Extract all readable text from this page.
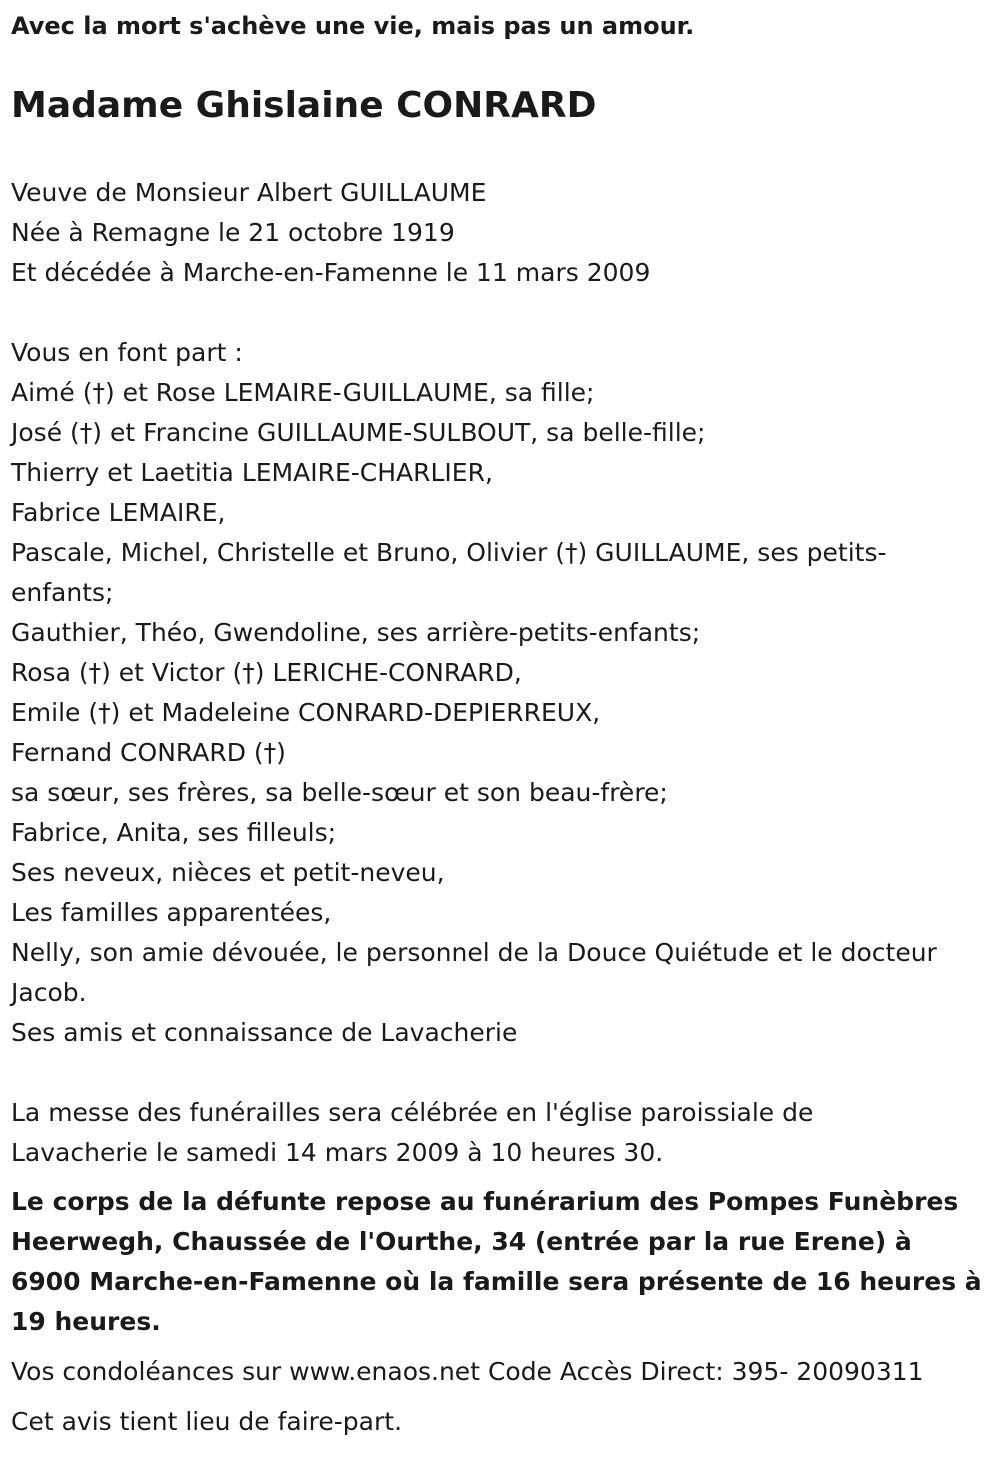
Avec la mort s'achève une vie, mais pas un amour.
Madame Ghislaine CONRARD
Veuve de Monsieur Albert GUILLAUME
Née à Remagne le 21 octobre 1919
Et décédée à Marche-en-Famenne le 11 mars 2009
Vous en font part :
Aimé (†) et Rose LEMAIRE-GUILLAUME, sa fille;
José (†) et Francine GUILLAUME-SULBOUT, sa belle-fille;
Thierry et Laetitia LEMAIRE-CHARLIER,
Fabrice LEMAIRE,
Pascale, Michel, Christelle et Bruno, Olivier (†) GUILLAUME, ses petits-enfants;
Gauthier, Théo, Gwendoline, ses arrière-petits-enfants;
Rosa (†) et Victor (†) LERICHE-CONRARD,
Emile (†) et Madeleine CONRARD-DEPIERREUX,
Fernand CONRARD (†)
sa sœur, ses frères, sa belle-sœur et son beau-frère;
Fabrice, Anita, ses filleuls;
Ses neveux, nièces et petit-neveu,
Les familles apparentées,
Nelly, son amie dévouée, le personnel de la Douce Quiétude et le docteur Jacob.
Ses amis et connaissance de Lavacherie
La messe des funérailles sera célébrée en l'église paroissiale de Lavacherie le samedi 14 mars 2009 à 10 heures 30.
Le corps de la défunte repose au funérarium des Pompes Funèbres Heerwegh, Chaussée de l'Ourthe, 34 (entrée par la rue Erene) à 6900 Marche-en-Famenne où la famille sera présente de 16 heures à 19 heures.
Vos condoléances sur www.enaos.net Code Accès Direct: 395- 20090311
Cet avis tient lieu de faire-part.
